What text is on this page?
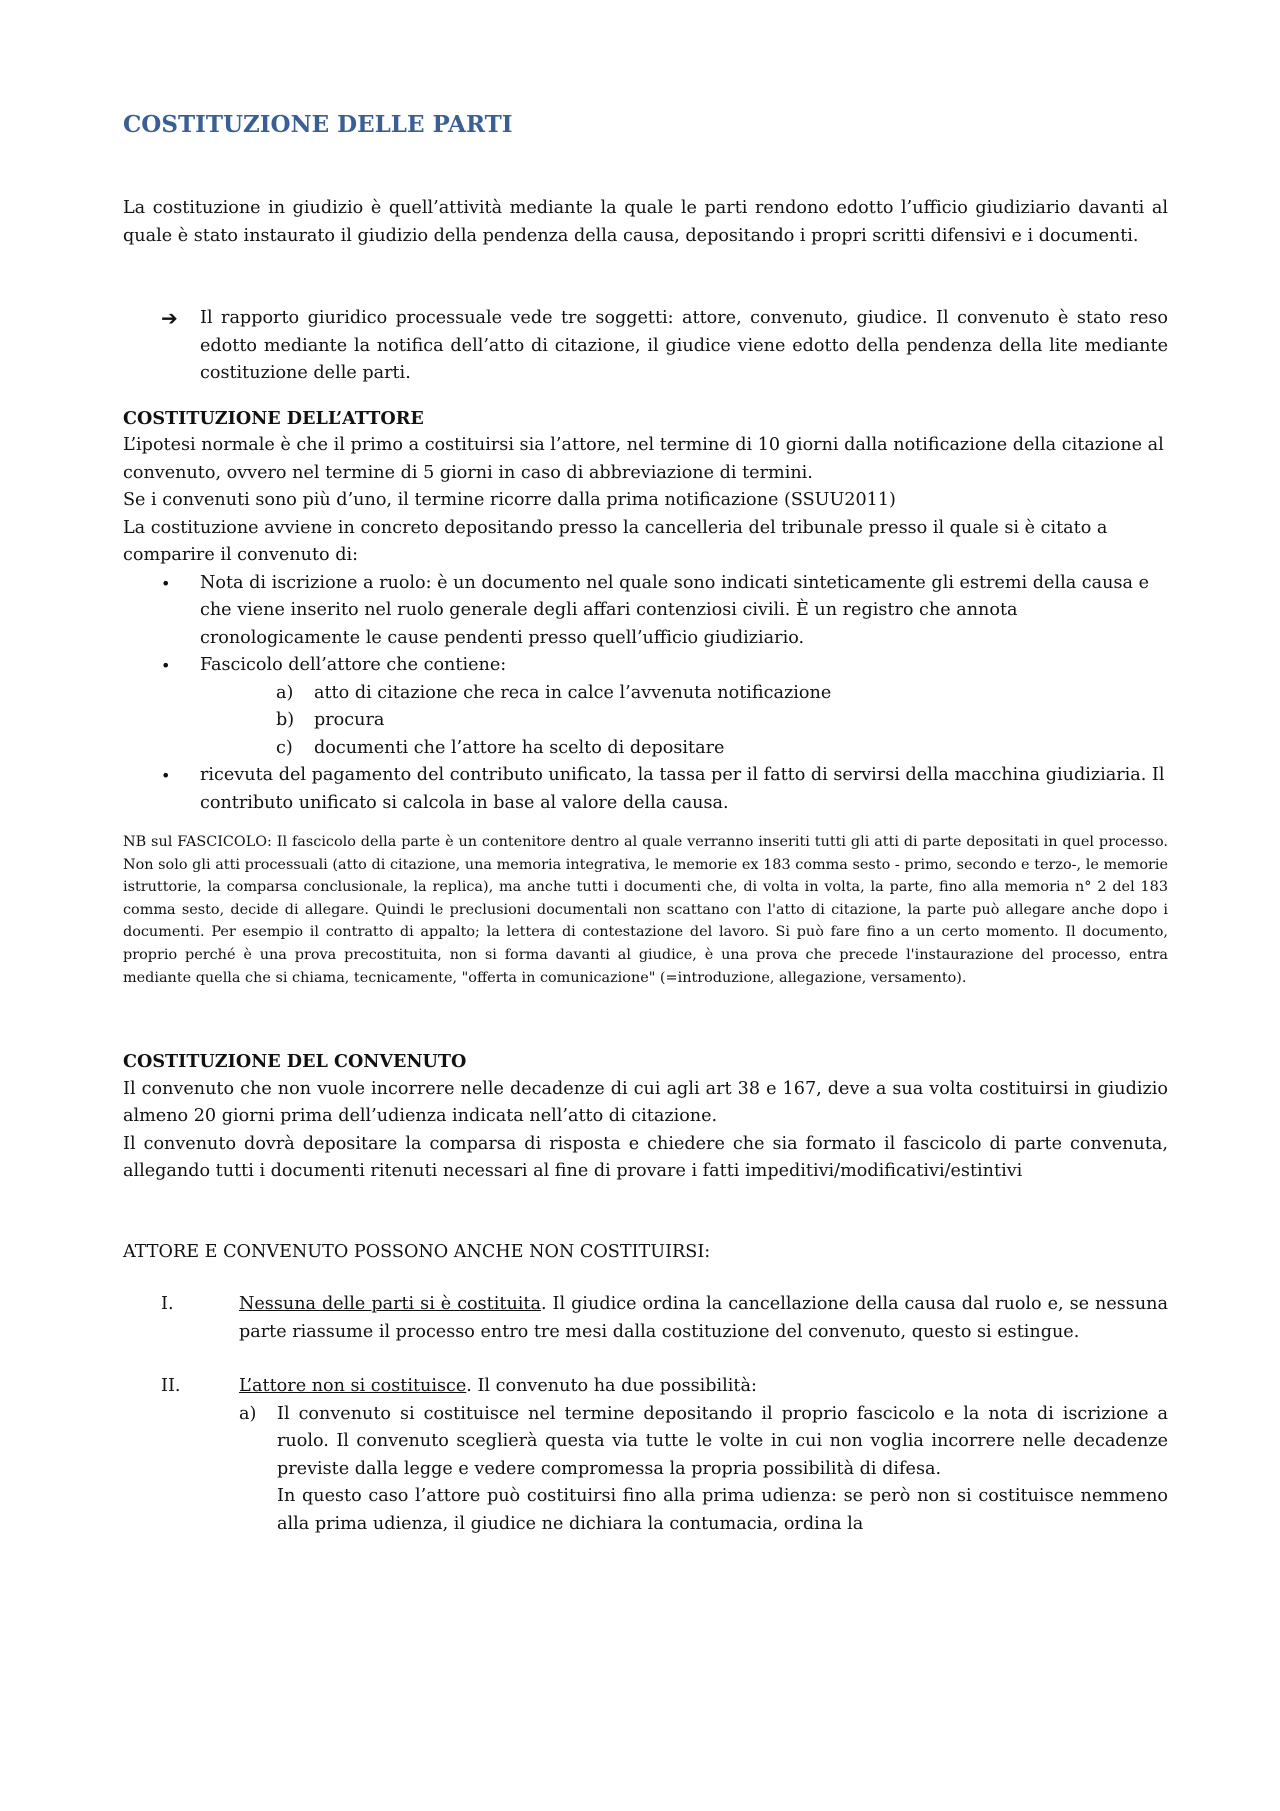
COSTITUZIONE DELLE PARTI

La costituzione in giudizio è quell’attività mediante la quale le parti rendono edotto l’ufficio giudiziario davanti al quale è stato instaurato il giudizio della pendenza della causa, depositando i propri scritti difensivi e i documenti.

➔ Il rapporto giuridico processuale vede tre soggetti: attore, convenuto, giudice. Il convenuto è stato reso edotto mediante la notifica dell’atto di citazione, il giudice viene edotto della pendenza della lite mediante costituzione delle parti.
COSTITUZIONE DELL’ATTORE

L’ipotesi normale è che il primo a costituirsi sia l’attore, nel termine di 10 giorni dalla notificazione della citazione al convenuto, ovvero nel termine di 5 giorni in caso di abbreviazione di termini.

Se i convenuti sono più d’uno, il termine ricorre dalla prima notificazione (SSUU2011)

La costituzione avviene in concreto depositando presso la cancelleria del tribunale presso il quale si è citato a comparire il convenuto di:

• Nota di iscrizione a ruolo: è un documento nel quale sono indicati sinteticamente gli estremi della causa e che viene inserito nel ruolo generale degli affari contenziosi civili. È un registro che annota cronologicamente le cause pendenti presso quell’ufficio giudiziario.
• Fascicolo dell’attore che contiene:
a) atto di citazione che reca in calce l’avvenuta notificazione
b) procura
c) documenti che l’attore ha scelto di depositare
• ricevuta del pagamento del contributo unificato, la tassa per il fatto di servirsi della macchina giudiziaria. Il contributo unificato si calcola in base al valore della causa.

NB sul FASCICOLO: Il fascicolo della parte è un contenitore dentro al quale verranno inseriti tutti gli atti di parte depositati in quel processo. Non solo gli atti processuali (atto di citazione, una memoria integrativa, le memorie ex 183 comma sesto - primo, secondo e terzo-, le memorie istruttorie, la comparsa conclusionale, la replica), ma anche tutti i documenti che, di volta in volta, la parte, fino alla memoria n° 2 del 183 comma sesto, decide di allegare. Quindi le preclusioni documentali non scattano con l'atto di citazione, la parte può allegare anche dopo i documenti. Per esempio il contratto di appalto; la lettera di contestazione del lavoro. Si può fare fino a un certo momento. Il documento, proprio perché è una prova precostituita, non si forma davanti al giudice, è una prova che precede l'instaurazione del processo, entra mediante quella che si chiama, tecnicamente, "offerta in comunicazione" (=introduzione, allegazione, versamento).

COSTITUZIONE DEL CONVENUTO

Il convenuto che non vuole incorrere nelle decadenze di cui agli art 38 e 167, deve a sua volta costituirsi in giudizio almeno 20 giorni prima dell’udienza indicata nell’atto di citazione.

Il convenuto dovrà depositare la comparsa di risposta e chiedere che sia formato il fascicolo di parte convenuta, allegando tutti i documenti ritenuti necessari al fine di provare i fatti impeditivi/modificativi/estintivi

ATTORE E CONVENUTO POSSONO ANCHE NON COSTITUIRSI:

I.	Nessuna delle parti si è costituita. Il giudice ordina la cancellazione della causa dal ruolo e, se nessuna parte riassume il processo entro tre mesi dalla costituzione del convenuto, questo si estingue.
II.	L’attore non si costituisce. Il convenuto ha due possibilità:
a) Il convenuto si costituisce nel termine depositando il proprio fascicolo e la nota di iscrizione a ruolo. Il convenuto sceglierà questa via tutte le volte in cui non voglia incorrere nelle decadenze previste dalla legge e vedere compromessa la propria possibilità di difesa.

In questo caso l’attore può costituirsi fino alla prima udienza: se però non si costituisce nemmeno alla prima udienza, il giudice ne dichiara la contumacia, ordina la
